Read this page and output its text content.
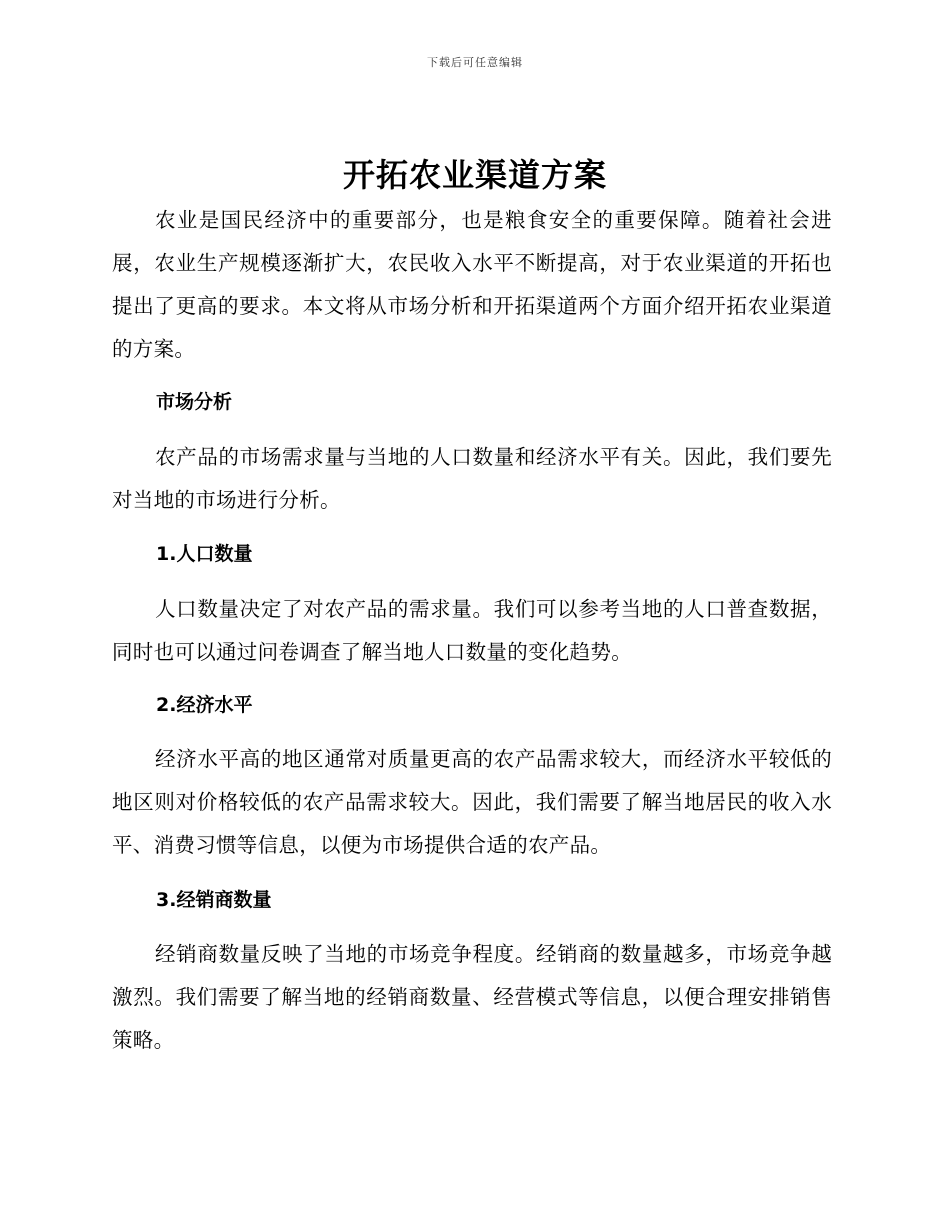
下载后可任意编辑
开拓农业渠道方案

农业是国民经济中的重要部分，也是粮食安全的重要保障。随着社会进展，农业生产规模逐渐扩大，农民收入水平不断提高，对于农业渠道的开拓也提出了更高的要求。本文将从市场分析和开拓渠道两个方面介绍开拓农业渠道的方案。

市场分析

农产品的市场需求量与当地的人口数量和经济水平有关。因此，我们要先对当地的市场进行分析。

1.人口数量

人口数量决定了对农产品的需求量。我们可以参考当地的人口普查数据，同时也可以通过问卷调查了解当地人口数量的变化趋势。

2.经济水平

经济水平高的地区通常对质量更高的农产品需求较大，而经济水平较低的地区则对价格较低的农产品需求较大。因此，我们需要了解当地居民的收入水平、消费习惯等信息，以便为市场提供合适的农产品。

3.经销商数量

经销商数量反映了当地的市场竞争程度。经销商的数量越多，市场竞争越激烈。我们需要了解当地的经销商数量、经营模式等信息，以便合理安排销售策略。
